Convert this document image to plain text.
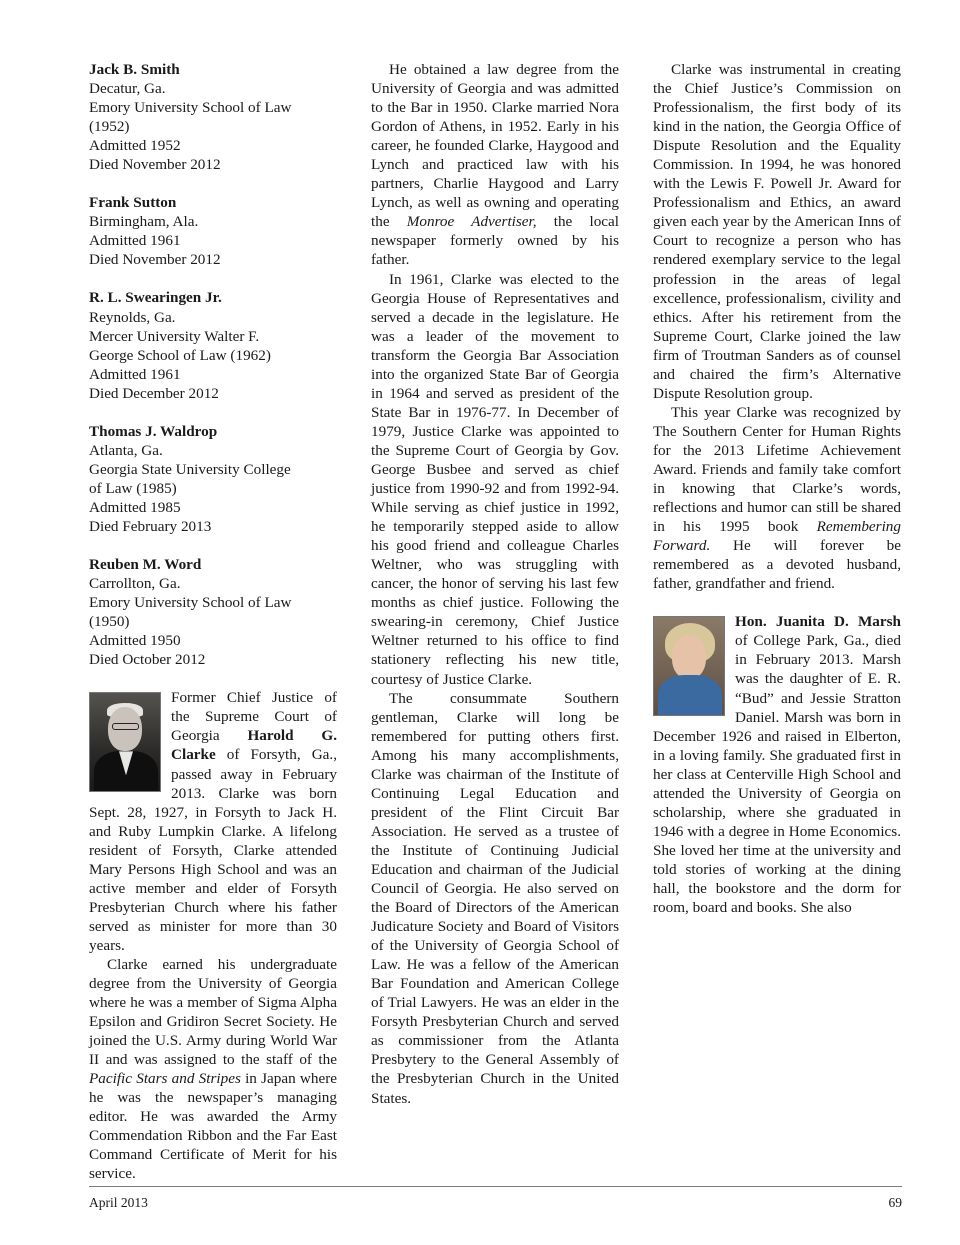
Jack B. Smith
Decatur, Ga.
Emory University School of Law
(1952)
Admitted 1952
Died November 2012
Frank Sutton
Birmingham, Ala.
Admitted 1961
Died November 2012
R. L. Swearingen Jr.
Reynolds, Ga.
Mercer University Walter F.
George School of Law (1962)
Admitted 1961
Died December 2012
Thomas J. Waldrop
Atlanta, Ga.
Georgia State University College
of Law (1985)
Admitted 1985
Died February 2013
Reuben M. Word
Carrollton, Ga.
Emory University School of Law
(1950)
Admitted 1950
Died October 2012

Former Chief Justice of the Supreme Court of Georgia Harold G. Clarke of Forsyth, Ga., passed away in February 2013. Clarke was born Sept. 28, 1927, in Forsyth to Jack H. and Ruby Lumpkin Clarke. A lifelong resident of Forsyth, Clarke attended Mary Persons High School and was an active member and elder of Forsyth Presbyterian Church where his father served as minister for more than 30 years.

Clarke earned his undergraduate degree from the University of Georgia where he was a member of Sigma Alpha Epsilon and Gridiron Secret Society. He joined the U.S. Army during World War II and was assigned to the staff of the Pacific Stars and Stripes in Japan where he was the newspaper’s managing editor. He was awarded the Army Commendation Ribbon and the Far East Command Certificate of Merit for his service.

He obtained a law degree from the University of Georgia and was admitted to the Bar in 1950. Clarke married Nora Gordon of Athens, in 1952. Early in his career, he founded Clarke, Haygood and Lynch and practiced law with his partners, Charlie Haygood and Larry Lynch, as well as owning and operating the Monroe Advertiser, the local newspaper formerly owned by his father.

In 1961, Clarke was elected to the Georgia House of Representatives and served a decade in the legislature. He was a leader of the movement to transform the Georgia Bar Association into the organized State Bar of Georgia in 1964 and served as president of the State Bar in 1976-77. In December of 1979, Justice Clarke was appointed to the Supreme Court of Georgia by Gov. George Busbee and served as chief justice from 1990-92 and from 1992-94. While serving as chief justice in 1992, he temporarily stepped aside to allow his good friend and colleague Charles Weltner, who was struggling with cancer, the honor of serving his last few months as chief justice. Following the swearing-in ceremony, Chief Justice Weltner returned to his office to find stationery reflecting his new title, courtesy of Justice Clarke.

The consummate Southern gentleman, Clarke will long be remembered for putting others first. Among his many accomplishments, Clarke was chairman of the Institute of Continuing Legal Education and president of the Flint Circuit Bar Association. He served as a trustee of the Institute of Continuing Judicial Education and chairman of the Judicial Council of Georgia. He also served on the Board of Directors of the American Judicature Society and Board of Visitors of the University of Georgia School of Law. He was a fellow of the American Bar Foundation and American College of Trial Lawyers. He was an elder in the Forsyth Presbyterian Church and served as commissioner from the Atlanta Presbytery to the General Assembly of the Presbyterian Church in the United States.

Clarke was instrumental in creating the Chief Justice’s Commission on Professionalism, the first body of its kind in the nation, the Georgia Office of Dispute Resolution and the Equality Commission. In 1994, he was honored with the Lewis F. Powell Jr. Award for Professionalism and Ethics, an award given each year by the American Inns of Court to recognize a person who has rendered exemplary service to the legal profession in the areas of legal excellence, professionalism, civility and ethics. After his retirement from the Supreme Court, Clarke joined the law firm of Troutman Sanders as of counsel and chaired the firm’s Alternative Dispute Resolution group.

This year Clarke was recognized by The Southern Center for Human Rights for the 2013 Lifetime Achievement Award. Friends and family take comfort in knowing that Clarke’s words, reflections and humor can still be shared in his 1995 book Remembering Forward. He will forever be remembered as a devoted husband, father, grandfather and friend.

Hon. Juanita D. Marsh of College Park, Ga., died in February 2013. Marsh was the daughter of E. R. “Bud” and Jessie Stratton Daniel. Marsh was born in December 1926 and raised in Elberton, in a loving family. She graduated first in her class at Centerville High School and attended the University of Georgia on scholarship, where she graduated in 1946 with a degree in Home Economics. She loved her time at the university and told stories of working at the dining hall, the bookstore and the dorm for room, board and books. She also

April 2013	69
